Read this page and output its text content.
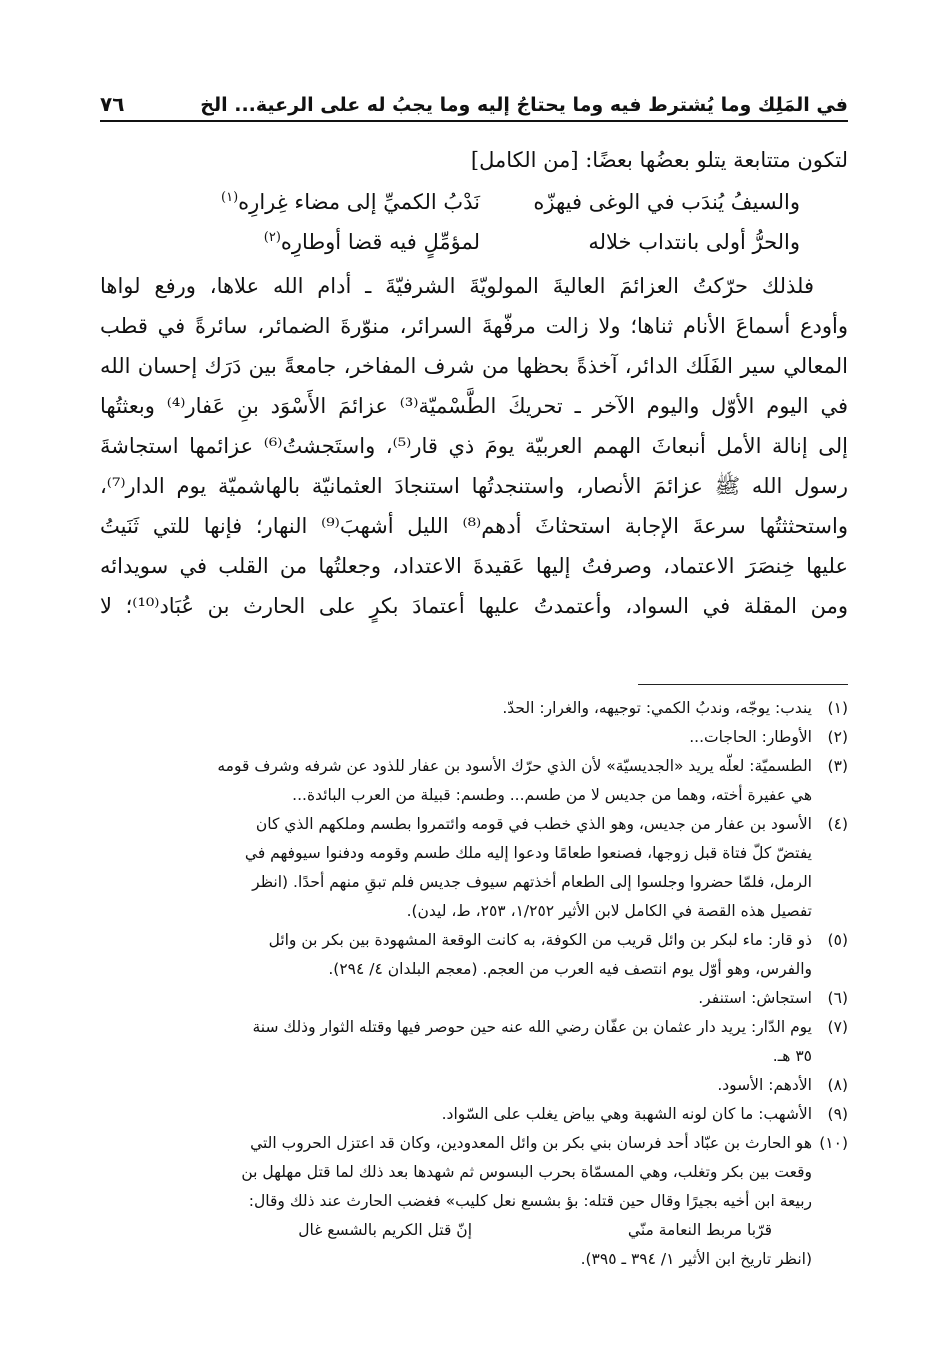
في المَلِك وما يُشترط فيه وما يحتاجُ إليه وما يجبُ له على الرعية... الخ
٧٦
لتكون متتابعة يتلو بعضُها بعضًا: [من الكامل]
والسيفُ يُندَب في الوغى فيهزّه
نَدْبُ الكميِّ إلى مضاء غِرارِه$^{(١)}$
والحرُّ أولى بانتداب خلاله
لمؤمِّلٍ فيه قضا أوطارِه$^{(٢)}$
فلذلك حرّكتُ العزائمَ العاليةَ المولويّةَ الشرفيّةَ ـ أدام الله علاها، ورفع لواها
وأودع أسماعَ الأنام ثناها؛ ولا زالت مرفّهةَ السرائر، منوّرةَ الضمائر، سائرةً في قطب
المعالي سير الفَلَك الدائر، آخذةً بحظها من شرف المفاخر، جامعةً بين دَرَك إحسان الله
في اليوم الأوّل واليوم الآخر ـ تحريكَ الطَّسْميّة⁽³⁾ عزائمَ الأَسْوَد بنِ عَفار⁽⁴⁾ وبعثتُها
إلى إنالة الأمل أنبعاثَ الهمم العربيّة يومَ ذي قار⁽⁵⁾، واستَجشتُ⁽⁶⁾ عزائمها استجاشةَ
رسول الله ﷺ عزائمَ الأنصار، واستنجدتُها استنجادَ العثمانيّة بالهاشميّة يوم الدار⁽⁷⁾،
واستحثثتُها سرعةَ الإجابة استحثاثَ أدهم⁽⁸⁾ الليل أشهبَ⁽⁹⁾ النهار؛ فإنها للتي ثَنَيتُ
عليها خِنصَرَ الاعتماد، وصرفتُ إليها عَقيدةَ الاعتداد، وجعلتُها من القلب في سويدائه
ومن المقلة في السواد، وأعتمدتُ عليها أعتمادَ بكرٍ على الحارث بن عُبَاد⁽¹⁰⁾؛ لا
(١)
يندب: يوجّه، وندبُ الكمي: توجيهه، والغرار: الحدّ.
(٢)
الأوطار: الحاجات...
(٣)
الطسميّة: لعلّه يريد «الجديسيّة» لأن الذي حرّك الأسود بن عفار للذود عن شرفه وشرف قومه
هي عفيرة أخته، وهما من جديس لا من طسم... وطسم: قبيلة من العرب البائدة...
(٤)
الأسود بن عفار من جديس، وهو الذي خطب في قومه وائتمروا بطسم وملكهم الذي كان
يفتضّ كلّ فتاة قبل زوجها، فصنعوا طعامًا ودعوا إليه ملك طسم وقومه ودفنوا سيوفهم في
الرمل، فلمّا حضروا وجلسوا إلى الطعام أخذتهم سيوف جديس فلم تبقِ منهم أحدًا. (انظر
تفصيل هذه القصة في الكامل لابن الأثير ١/٢٥٢، ٢٥٣، ط، ليدن).
(٥)
ذو قار: ماء لبكر بن وائل قريب من الكوفة، به كانت الوقعة المشهودة بين بكر بن وائل
والفرس، وهو أوّل يوم انتصف فيه العرب من العجم. (معجم البلدان ٤/ ٢٩٤).
(٦)
استجاش: استنفر.
(٧)
يوم الدّار: يريد دار عثمان بن عفّان رضي الله عنه حين حوصر فيها وقتله الثوار وذلك سنة
٣٥ هـ.
(٨)
الأدهم: الأسود.
(٩)
الأشهب: ما كان لونه الشهبة وهي بياض يغلب على السّواد.
(١٠)
هو الحارث بن عبّاد أحد فرسان بني بكر بن وائل المعدودين، وكان قد اعتزل الحروب التي
وقعت بين بكر وتغلب، وهي المسمّاة بحرب البسوس ثم شهدها بعد ذلك لما قتل مهلهل بن
ربيعة ابن أخيه بجيرًا وقال حين قتله: بؤ بشسع نعل كليب» فغضب الحارث عند ذلك وقال:
قرّبا مربط النعامة منّي
إنّ قتل الكريم بالشسع غال
(انظر تاريخ ابن الأثير ١/ ٣٩٤ ـ ٣٩٥).
